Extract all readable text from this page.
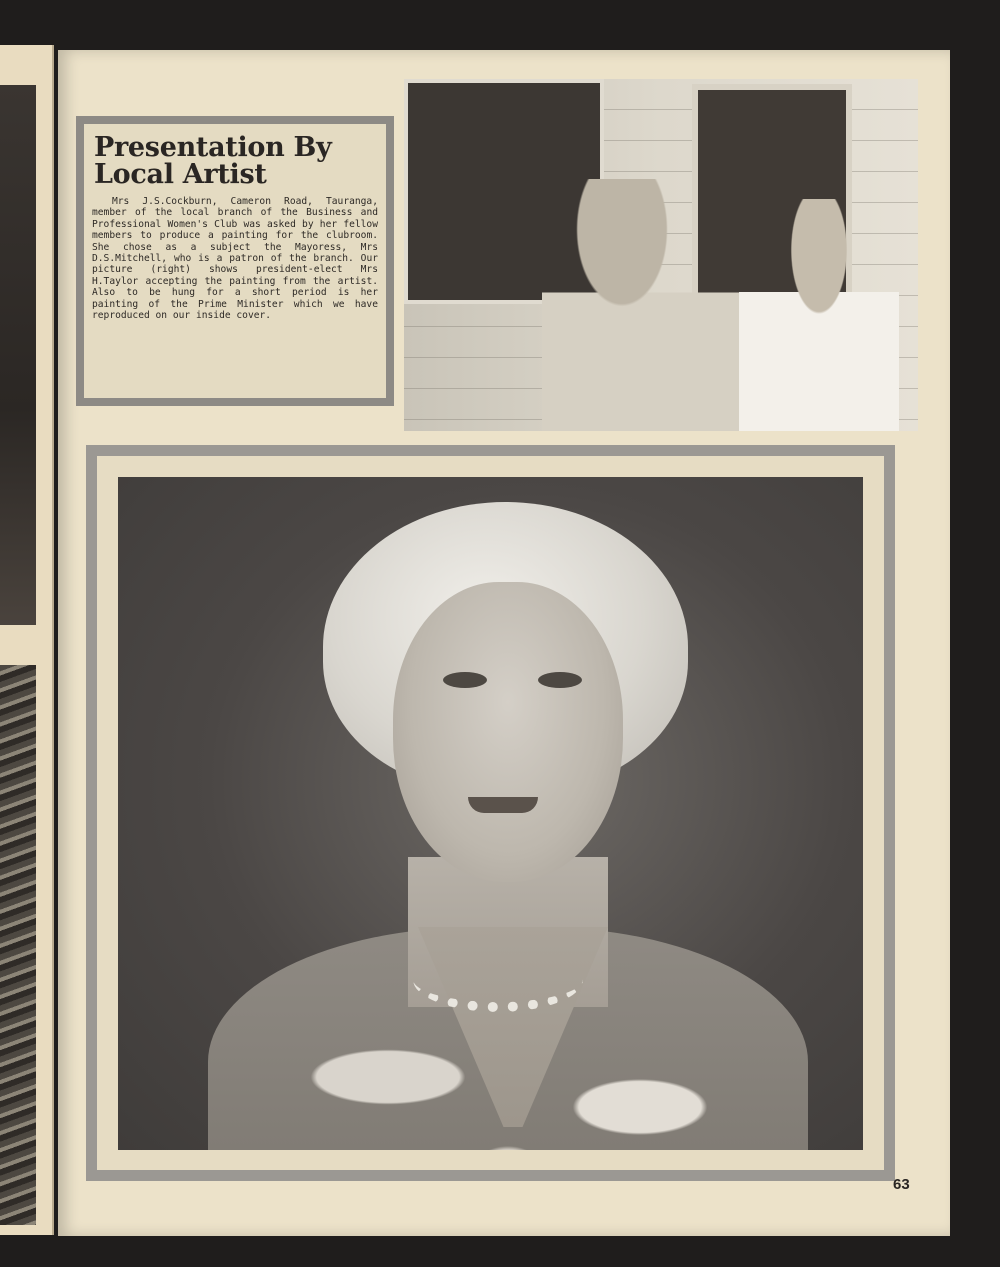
Presentation By
Local Artist

Mrs J.S.Cockburn, Cameron Road, Tauranga, member of the local branch of the Business and Professional Women's Club was asked by her fellow members to produce a painting for the clubroom. She chose as a subject the Mayoress, Mrs D.S.Mitchell, who is a patron of the branch. Our picture (right) shows president-elect Mrs H.Taylor accepting the painting from the artist. Also to be hung for a short period is her painting of the Prime Minister which we have reproduced on our inside cover.

63
